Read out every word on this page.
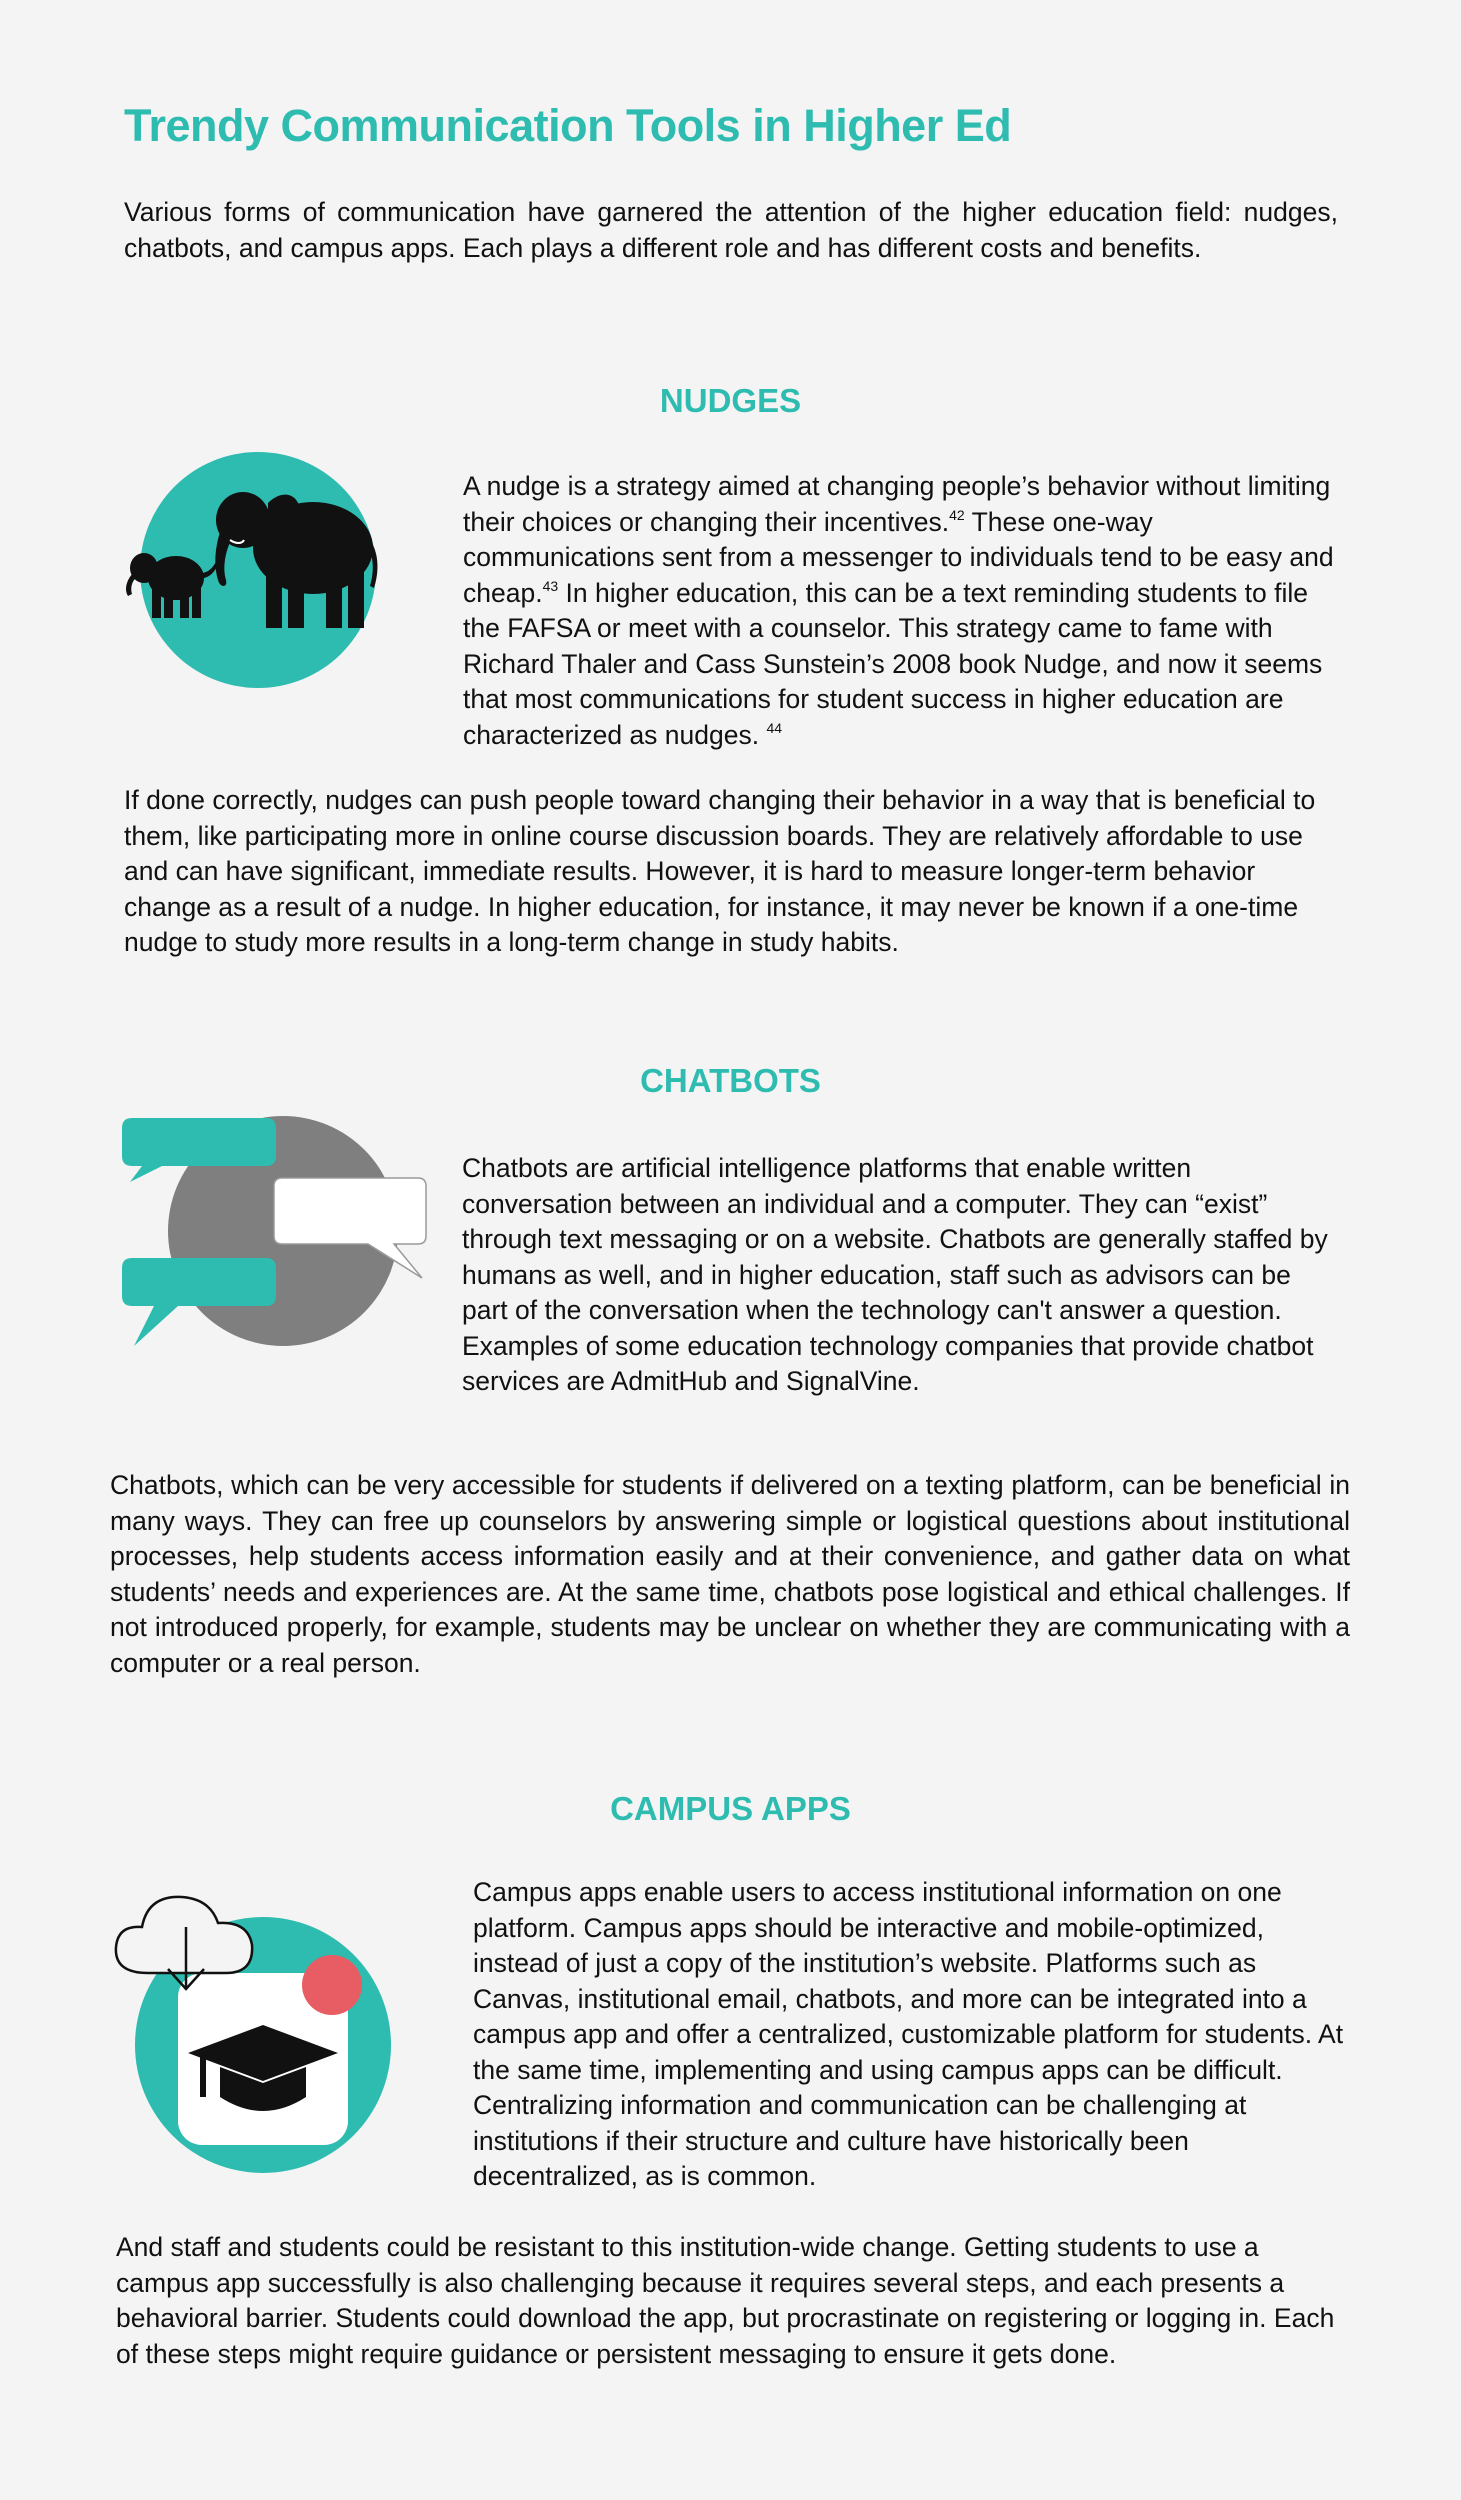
Trendy Communication Tools in Higher Ed

Various forms of communication have garnered the attention of the higher education field: nudges, chatbots, and campus apps. Each plays a different role and has different costs and benefits.

NUDGES

A nudge is a strategy aimed at changing people’s behavior without limiting their choices or changing their incentives.$^{42}$ These one-way communications sent from a messenger to individuals tend to be easy and cheap.$^{43}$ In higher education, this can be a text reminding students to file the FAFSA or meet with a counselor. This strategy came to fame with Richard Thaler and Cass Sunstein’s 2008 book Nudge, and now it seems that most communications for student success in higher education are characterized as nudges. $^{44}$

If done correctly, nudges can push people toward changing their behavior in a way that is beneficial to them, like participating more in online course discussion boards. They are relatively affordable to use and can have significant, immediate results. However, it is hard to measure longer-term behavior change as a result of a nudge. In higher education, for instance, it may never be known if a one-time nudge to study more results in a long-term change in study habits.

CHATBOTS

Chatbots are artificial intelligence platforms that enable written conversation between an individual and a computer. They can “exist” through text messaging or on a website. Chatbots are generally staffed by humans as well, and in higher education, staff such as advisors can be part of the conversation when the technology can't answer a question. Examples of some education technology companies that provide chatbot services are AdmitHub and SignalVine.

Chatbots, which can be very accessible for students if delivered on a texting platform, can be beneficial in many ways. They can free up counselors by answering simple or logistical questions about institutional processes, help students access information easily and at their convenience, and gather data on what students’ needs and experiences are. At the same time, chatbots pose logistical and ethical challenges. If not introduced properly, for example, students may be unclear on whether they are communicating with a computer or a real person.

CAMPUS APPS

Campus apps enable users to access institutional information on one platform. Campus apps should be interactive and mobile-optimized, instead of just a copy of the institution’s website. Platforms such as Canvas, institutional email, chatbots, and more can be integrated into a campus app and offer a centralized, customizable platform for students. At the same time, implementing and using campus apps can be difficult. Centralizing information and communication can be challenging at institutions if their structure and culture have historically been decentralized, as is common.

And staff and students could be resistant to this institution-wide change. Getting students to use a campus app successfully is also challenging because it requires several steps, and each presents a behavioral barrier. Students could download the app, but procrastinate on registering or logging in. Each of these steps might require guidance or persistent messaging to ensure it gets done.
